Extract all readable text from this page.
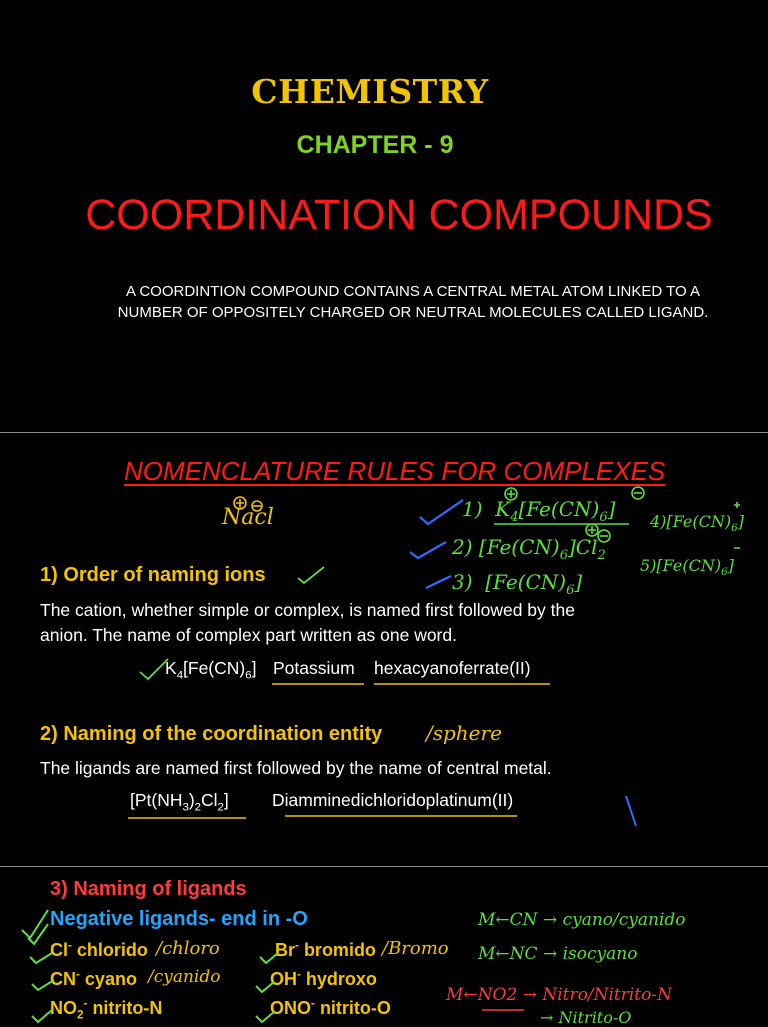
CHEMISTRY
CHAPTER - 9
COORDINATION COMPOUNDS
A COORDINTION COMPOUND CONTAINS A CENTRAL METAL ATOM LINKED TO A
NUMBER OF OPPOSITELY CHARGED OR NEUTRAL MOLECULES CALLED LIGAND.
NOMENCLATURE RULES FOR COMPLEXES
Nacl
1) Order of naming ions
1)  $K_4[Fe(CN)_6]$
2) $[Fe(CN)_6]Cl_2$
3)  $[Fe(CN)_6]$
$4)[Fe(CN)_6]$
$5)[Fe(CN)_6]$
The cation, whether simple or complex, is named first followed by the
anion. The name of complex part written as one word.
$K_4[Fe(CN)_6]$ Potassium hexacyanoferrate(II)
2) Naming of the coordination entity /sphere
The ligands are named first followed by the name of central metal.
$[Pt(NH_3)_2Cl_2]$ Diamminedichloridoplatinum(II)
3) Naming of ligands
Negative ligands- end in -O
Cl- chlorido /chloro	Br- bromido /Bromo
CN- cyano /cyanido	OH- hydroxo
$NO_2^-$ nitrito-N	ONO- nitrito-O
M←CN → cyano/cyanido
M←NC → isocyano
M←NO2 → Nitro/Nitrito-N
→ Nitrito-O
